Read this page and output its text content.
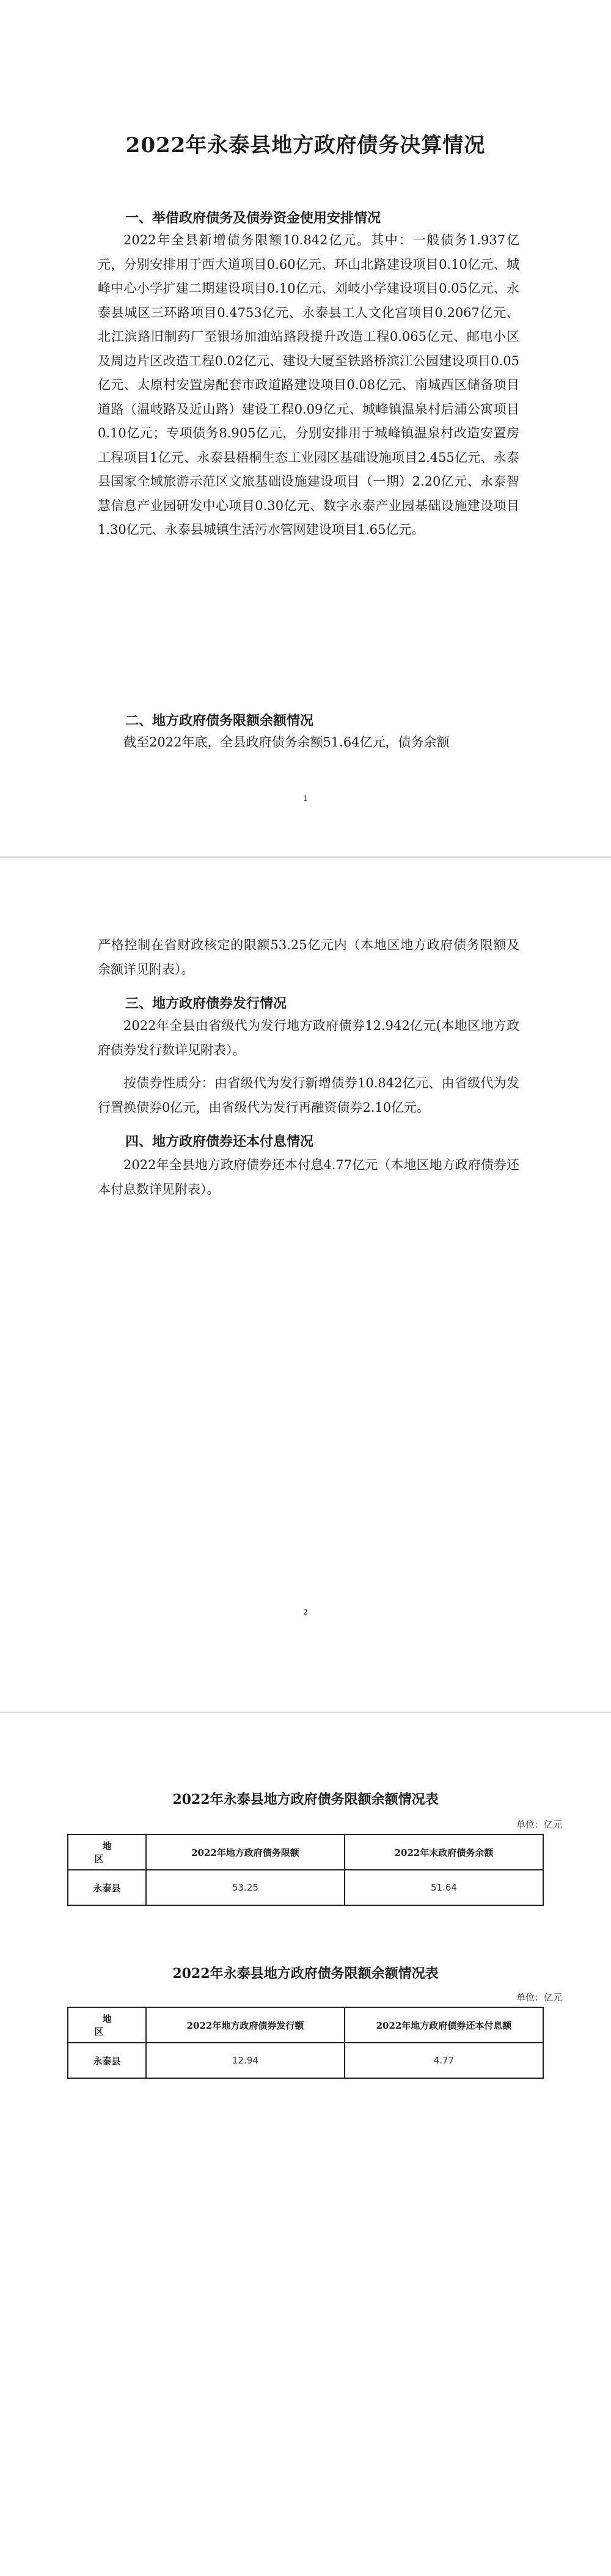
2022年永泰县地方政府债务决算情况
一、举借政府债务及债券资金使用安排情况
2022年全县新增债务限额10.842亿元。其中：一般债务1.937亿元，分别安排用于西大道项目0.60亿元、环山北路建设项目0.10亿元、城峰中心小学扩建二期建设项目0.10亿元、刘岐小学建设项目0.05亿元、永泰县城区三环路项目0.4753亿元、永泰县工人文化宫项目0.2067亿元、北江滨路旧制药厂至银场加油站路段提升改造工程0.065亿元、邮电小区及周边片区改造工程0.02亿元、建设大厦至铁路桥滨江公园建设项目0.05亿元、太原村安置房配套市政道路建设项目0.08亿元、南城西区储备项目道路（温岐路及近山路）建设工程0.09亿元、城峰镇温泉村后浦公寓项目0.10亿元；专项债务8.905亿元，分别安排用于城峰镇温泉村改造安置房工程项目1亿元、永泰县梧桐生态工业园区基础设施项目2.455亿元、永泰县国家全域旅游示范区文旅基础设施建设项目（一期）2.20亿元、永泰智慧信息产业园研发中心项目0.30亿元、数字永泰产业园基础设施建设项目1.30亿元、永泰县城镇生活污水管网建设项目1.65亿元。
二、地方政府债务限额余额情况
截至2022年底，全县政府债务余额51.64亿元，债务余额
1
严格控制在省财政核定的限额53.25亿元内（本地区地方政府债务限额及余额详见附表）。
三、地方政府债券发行情况
2022年全县由省级代为发行地方政府债券12.942亿元(本地区地方政府债券发行数详见附表）。
按债券性质分：由省级代为发行新增债券10.842亿元、由省级代为发行置换债券0亿元，由省级代为发行再融资债券2.10亿元。
四、地方政府债券还本付息情况
2022年全县地方政府债券还本付息4.77亿元（本地区地方政府债券还本付息数详见附表）。
2
2022年永泰县地方政府债务限额余额情况表
单位：亿元
地　区	2022年地方政府债务限额	2022年末政府债务余额
永泰县	53.25	51.64
2022年永泰县地方政府债务限额余额情况表
单位：亿元
地　区	2022年地方政府债券发行额	2022年地方政府债券还本付息额
永泰县	12.94	4.77
